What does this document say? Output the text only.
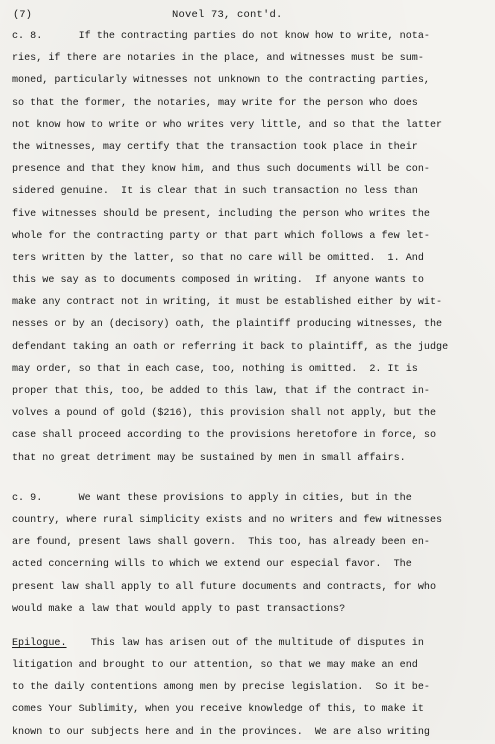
(7)	Novel 73, cont'd.
c. 8.      If the contracting parties do not know how to write, nota-
ries, if there are notaries in the place, and witnesses must be sum-
moned, particularly witnesses not unknown to the contracting parties,
so that the former, the notaries, may write for the person who does
not know how to write or who writes very little, and so that the latter
the witnesses, may certify that the transaction took place in their
presence and that they know him, and thus such documents will be con-
sidered genuine.  It is clear that in such transaction no less than
five witnesses should be present, including the person who writes the
whole for the contracting party or that part which follows a few let-
ters written by the latter, so that no care will be omitted.  1. And
this we say as to documents composed in writing.  If anyone wants to
make any contract not in writing, it must be established either by wit-
nesses or by an (decisory) oath, the plaintiff producing witnesses, the
defendant taking an oath or referring it back to plaintiff, as the judge
may order, so that in each case, too, nothing is omitted.  2. It is
proper that this, too, be added to this law, that if the contract in-
volves a pound of gold ($216), this provision shall not apply, but the
case shall proceed according to the provisions heretofore in force, so
that no great detriment may be sustained by men in small affairs.
c. 9.      We want these provisions to apply in cities, but in the
country, where rural simplicity exists and no writers and few witnesses
are found, present laws shall govern.  This too, has already been en-
acted concerning wills to which we extend our especial favor.  The
present law shall apply to all future documents and contracts, for who
would make a law that would apply to past transactions?
Epilogue.    This law has arisen out of the multitude of disputes in
litigation and brought to our attention, so that we may make an end
to the daily contentions among men by precise legislation.  So it be-
comes Your Sublimity, when you receive knowledge of this, to make it
known to our subjects here and in the provinces.  We are also writing
